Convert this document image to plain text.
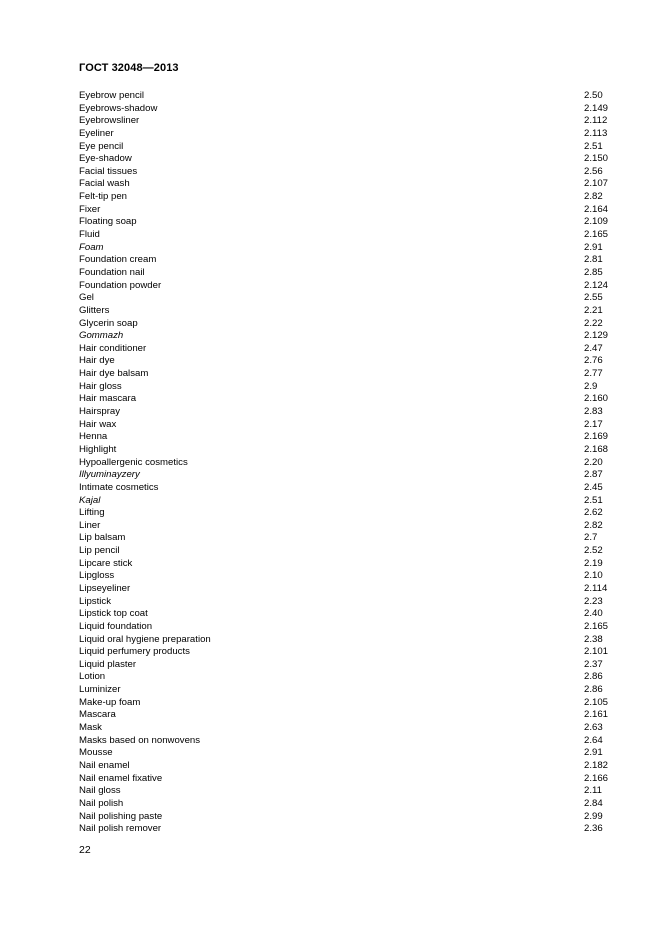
ГОСТ 32048—2013
Eyebrow pencil	2.50
Eyebrows-shadow	2.149
Eyebrowsliner	2.112
Eyeliner	2.113
Eye pencil	2.51
Eye-shadow	2.150
Facial tissues	2.56
Facial wash	2.107
Felt-tip pen	2.82
Fixer	2.164
Floating soap	2.109
Fluid	2.165
Foam	2.91
Foundation cream	2.81
Foundation nail	2.85
Foundation powder	2.124
Gel	2.55
Glitters	2.21
Glycerin soap	2.22
Gommazh	2.129
Hair conditioner	2.47
Hair dye	2.76
Hair dye balsam	2.77
Hair gloss	2.9
Hair mascara	2.160
Hairspray	2.83
Hair wax	2.17
Henna	2.169
Highlight	2.168
Hypoallergenic cosmetics	2.20
Illyuminayzery	2.87
Intimate cosmetics	2.45
Kajal	2.51
Lifting	2.62
Liner	2.82
Lip balsam	2.7
Lip pencil	2.52
Lipcare stick	2.19
Lipgloss	2.10
Lipseyeliner	2.114
Lipstick	2.23
Lipstick top coat	2.40
Liquid foundation	2.165
Liquid oral hygiene preparation	2.38
Liquid perfumery products	2.101
Liquid plaster	2.37
Lotion	2.86
Luminizer	2.86
Make-up foam	2.105
Mascara	2.161
Mask	2.63
Masks based on nonwovens	2.64
Mousse	2.91
Nail enamel	2.182
Nail enamel fixative	2.166
Nail gloss	2.11
Nail polish	2.84
Nail polishing paste	2.99
Nail polish remover	2.36
22
